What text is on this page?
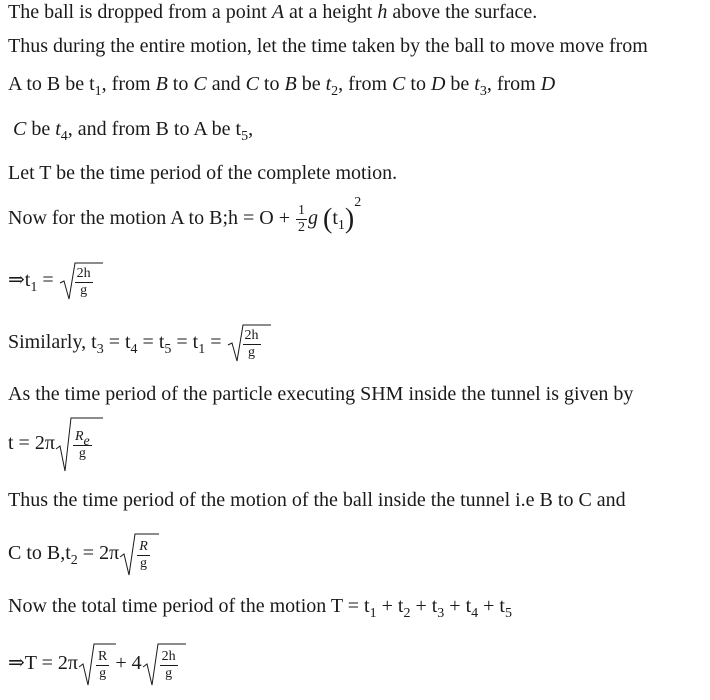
The ball is dropped from a point A at a height h above the surface.
Thus during the entire motion, let the time taken by the ball to move move from
A to B be $t_1$, from B to C and C to B be $t_2$, from C to D be $t_3$, from D
C be $t_4$, and from B to A be $t_5$,
Let T be the time period of the complete motion.
Now for the motion A to B;h = $O + \frac{1}{2}$ g $(t_1)^2$
$\Rightarrow t_1 = \frac{2h}{g}$
Similarly, $t_3 = t_4 = t_5 = t_1 = \frac{2h}{g}$
As the time period of the particle executing SHM inside the tunnel is given by
$t = 2\pi \frac{R_e}{g}$
Thus the time period of the motion of the ball inside the tunnel i.e B to C and
C to $B,t_2 = 2\pi \frac{R}{g}$
Now the total time period of the motion $T = t_1 + t_2 + t_3 + t_4 + t_5$
⇒T = $2\pi \frac{R}{g} + 4 \frac{2h}{g}$
